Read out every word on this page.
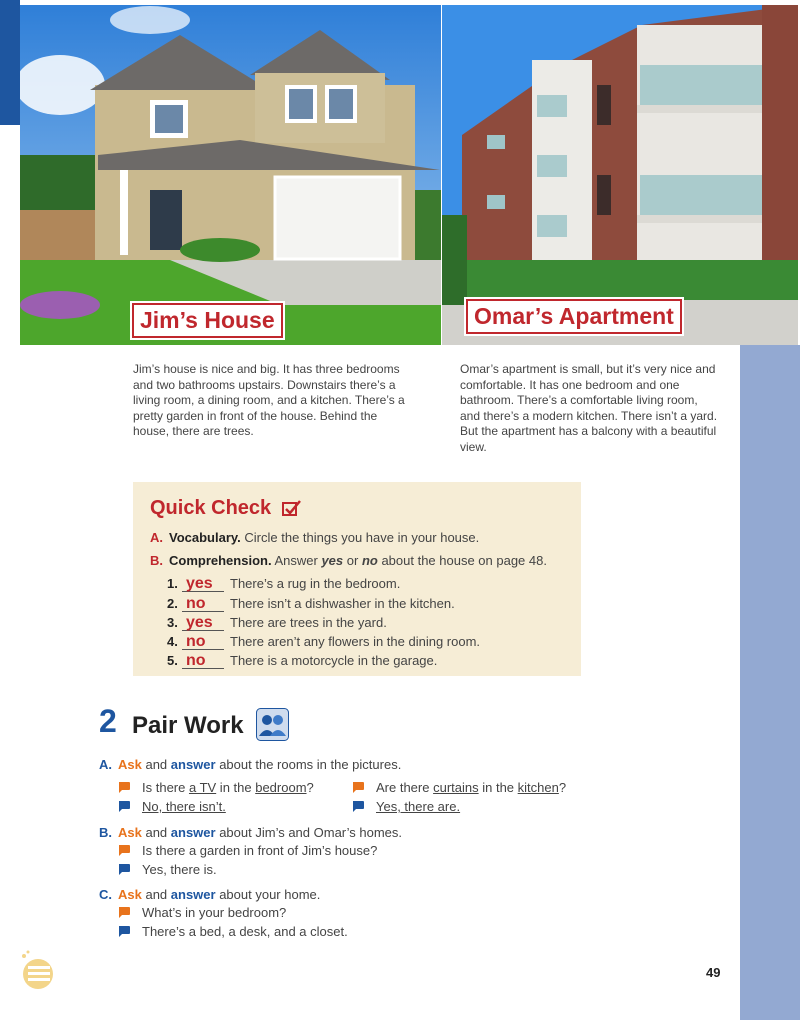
Jim’s House	Omar’s Apartment
Jim’s house is nice and big. It has three bedrooms and two bathrooms upstairs. Downstairs there’s a living room, a dining room, and a kitchen. There’s a pretty garden in front of the house. Behind the house, there are trees.
Omar’s apartment is small, but it’s very nice and comfortable. It has one bedroom and one bathroom. There’s a comfortable living room, and there’s a modern kitchen. There isn’t a yard. But the apartment has a balcony with a beautiful view.
Quick Check
A. Vocabulary. Circle the things you have in your house.
B. Comprehension. Answer yes or no about the house on page 48.
1. yes There’s a rug in the bedroom.
2. no There isn’t a dishwasher in the kitchen.
3. yes There are trees in the yard.
4. no There aren’t any flowers in the dining room.
5. no There is a motorcycle in the garage.
2 Pair Work
A. Ask and answer about the rooms in the pictures.
Is there a TV in the bedroom?
No, there isn’t.
Are there curtains in the kitchen?
Yes, there are.
B. Ask and answer about Jim’s and Omar’s homes.
Is there a garden in front of Jim’s house?
Yes, there is.
C. Ask and answer about your home.
What’s in your bedroom?
There’s a bed, a desk, and a closet.
49
